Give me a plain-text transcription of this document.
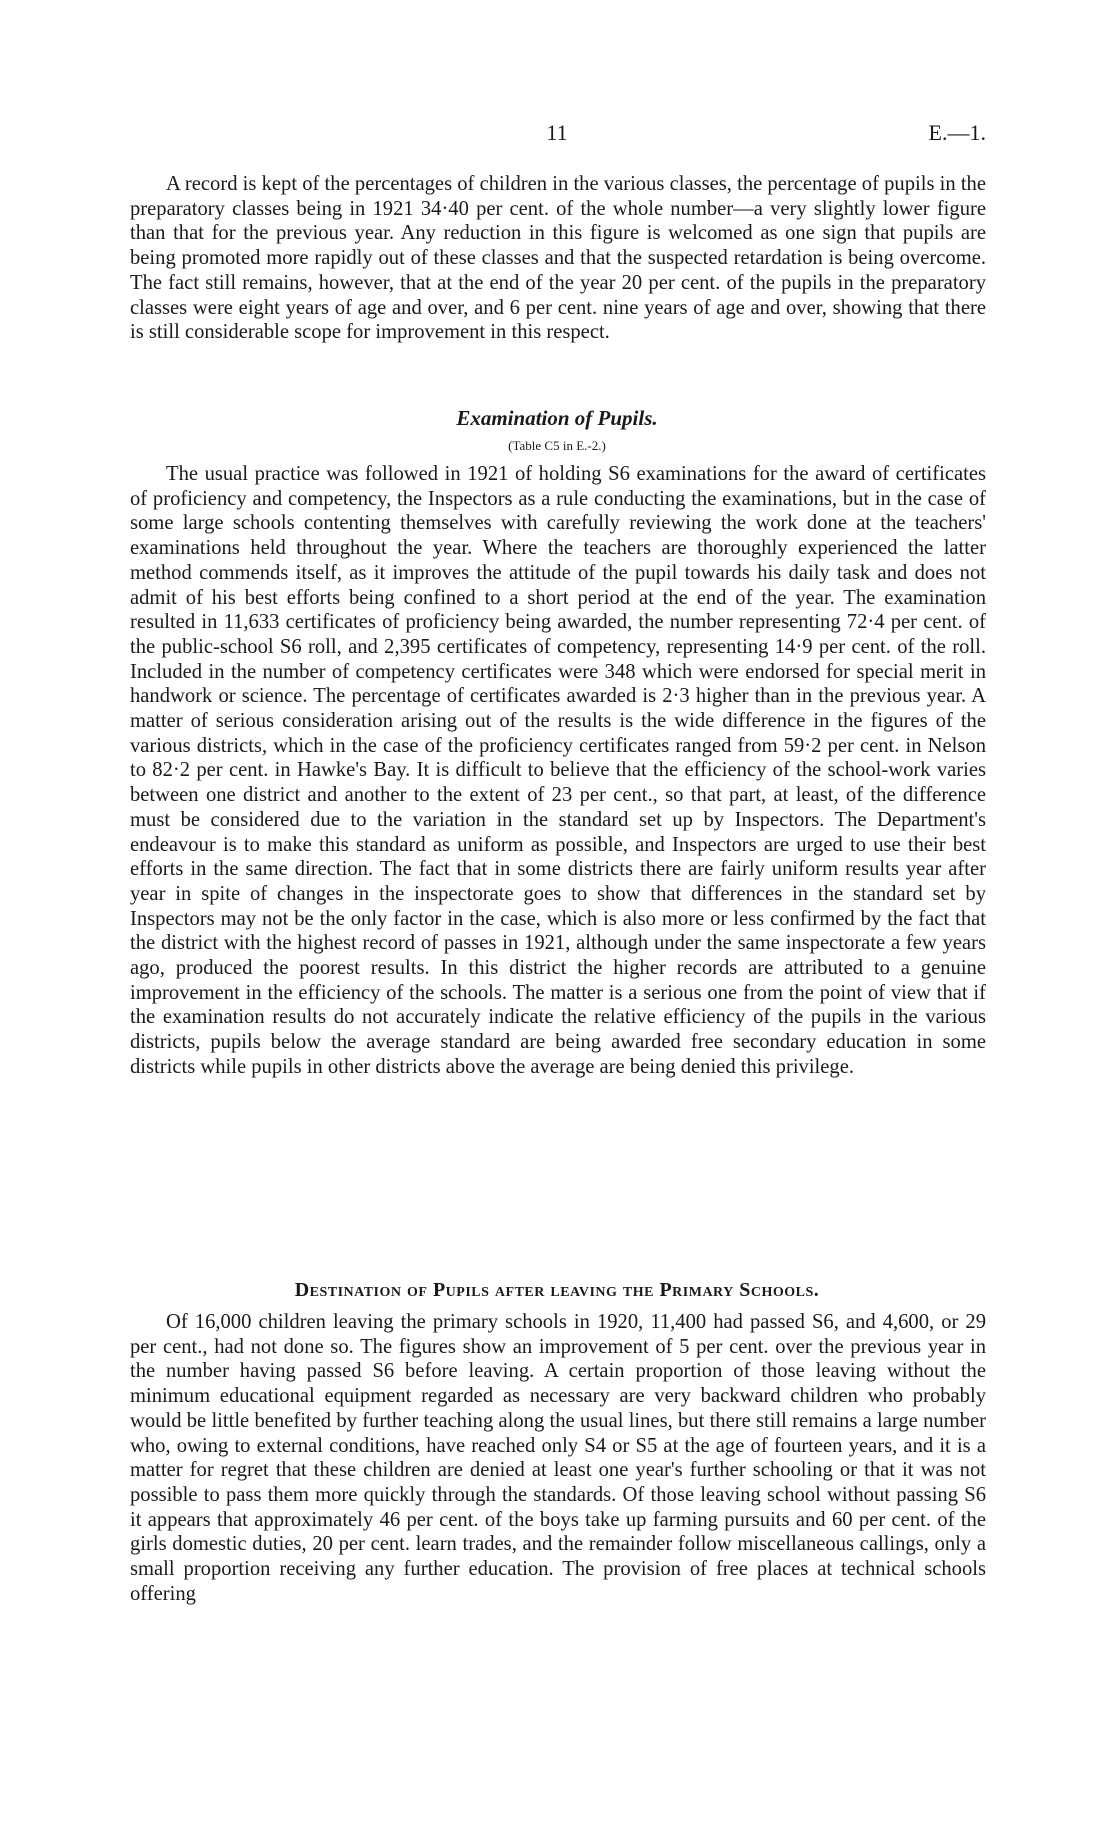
11	E.—1.

A record is kept of the percentages of children in the various classes, the percentage of pupils in the preparatory classes being in 1921 34·40 per cent. of the whole number—a very slightly lower figure than that for the previous year. Any reduction in this figure is welcomed as one sign that pupils are being promoted more rapidly out of these classes and that the suspected retardation is being overcome. The fact still remains, however, that at the end of the year 20 per cent. of the pupils in the preparatory classes were eight years of age and over, and 6 per cent. nine years of age and over, showing that there is still considerable scope for improvement in this respect.

Examination of Pupils.

(Table C5 in E.-2.)

The usual practice was followed in 1921 of holding S6 examinations for the award of certificates of proficiency and competency, the Inspectors as a rule conducting the examinations, but in the case of some large schools contenting themselves with carefully reviewing the work done at the teachers' examinations held throughout the year. Where the teachers are thoroughly experienced the latter method commends itself, as it improves the attitude of the pupil towards his daily task and does not admit of his best efforts being confined to a short period at the end of the year. The examination resulted in 11,633 certificates of proficiency being awarded, the number representing 72·4 per cent. of the public-school S6 roll, and 2,395 certificates of competency, representing 14·9 per cent. of the roll. Included in the number of competency certificates were 348 which were endorsed for special merit in handwork or science. The percentage of certificates awarded is 2·3 higher than in the previous year. A matter of serious consideration arising out of the results is the wide difference in the figures of the various districts, which in the case of the proficiency certificates ranged from 59·2 per cent. in Nelson to 82·2 per cent. in Hawke's Bay. It is difficult to believe that the efficiency of the school-work varies between one district and another to the extent of 23 per cent., so that part, at least, of the difference must be considered due to the variation in the standard set up by Inspectors. The Department's endeavour is to make this standard as uniform as possible, and Inspectors are urged to use their best efforts in the same direction. The fact that in some districts there are fairly uniform results year after year in spite of changes in the inspectorate goes to show that differences in the standard set by Inspectors may not be the only factor in the case, which is also more or less confirmed by the fact that the district with the highest record of passes in 1921, although under the same inspectorate a few years ago, produced the poorest results. In this district the higher records are attributed to a genuine improvement in the efficiency of the schools. The matter is a serious one from the point of view that if the examination results do not accurately indicate the relative efficiency of the pupils in the various districts, pupils below the average standard are being awarded free secondary education in some districts while pupils in other districts above the average are being denied this privilege.

Destination of Pupils after leaving the Primary Schools.

Of 16,000 children leaving the primary schools in 1920, 11,400 had passed S6, and 4,600, or 29 per cent., had not done so. The figures show an improvement of 5 per cent. over the previous year in the number having passed S6 before leaving. A certain proportion of those leaving without the minimum educational equipment regarded as necessary are very backward children who probably would be little benefited by further teaching along the usual lines, but there still remains a large number who, owing to external conditions, have reached only S4 or S5 at the age of fourteen years, and it is a matter for regret that these children are denied at least one year's further schooling or that it was not possible to pass them more quickly through the standards. Of those leaving school without passing S6 it appears that approximately 46 per cent. of the boys take up farming pursuits and 60 per cent. of the girls domestic duties, 20 per cent. learn trades, and the remainder follow miscellaneous callings, only a small proportion receiving any further education. The provision of free places at technical schools offering
